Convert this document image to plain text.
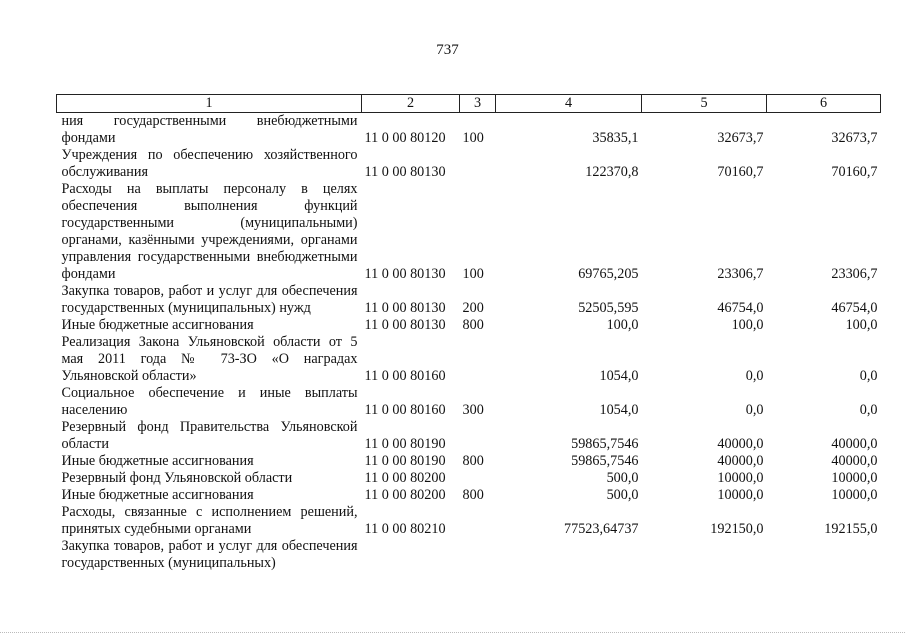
737
1	2	3	4	5	6
ния государственными внебюджетными фондами	11 0 00 80120	100	35835,1	32673,7	32673,7
Учреждения по обеспечению хозяйственного обслуживания	11 0 00 80130		122370,8	70160,7	70160,7
Расходы на выплаты персоналу в целях обеспечения выполнения функций государственными (муниципальными) органами, казёнными учреждениями, органами управления государственными внебюджетными фондами	11 0 00 80130	100	69765,205	23306,7	23306,7
Закупка товаров, работ и услуг для обеспечения государственных (муниципальных) нужд	11 0 00 80130	200	52505,595	46754,0	46754,0
Иные бюджетные ассигнования	11 0 00 80130	800	100,0	100,0	100,0
Реализация Закона Ульяновской области от 5 мая 2011 года № 73-ЗО «О наградах Ульяновской области»	11 0 00 80160		1054,0	0,0	0,0
Социальное обеспечение и иные выплаты населению	11 0 00 80160	300	1054,0	0,0	0,0
Резервный фонд Правительства Ульяновской области	11 0 00 80190		59865,7546	40000,0	40000,0
Иные бюджетные ассигнования	11 0 00 80190	800	59865,7546	40000,0	40000,0
Резервный фонд Ульяновской области	11 0 00 80200		500,0	10000,0	10000,0
Иные бюджетные ассигнования	11 0 00 80200	800	500,0	10000,0	10000,0
Расходы, связанные с исполнением решений, принятых судебными органами	11 0 00 80210		77523,64737	192150,0	192155,0
Закупка товаров, работ и услуг для обеспечения государственных (муниципальных)					
